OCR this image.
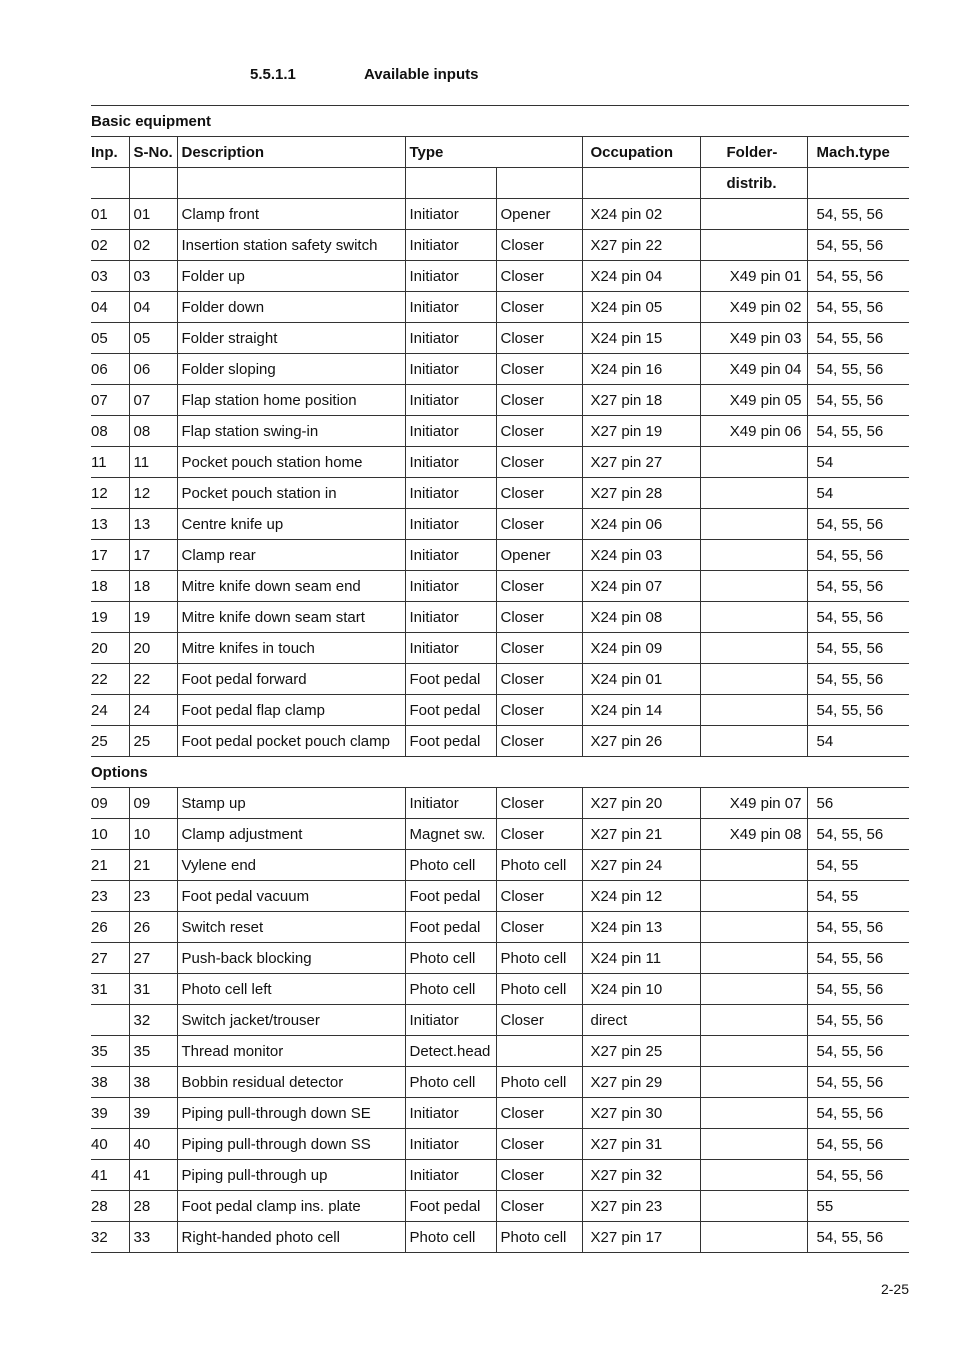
5.5.1.1	Available inputs
Basic equipment							
Inp.	S-No.	Description	Type		Occupation	Folder-	Mach.type
						distrib.	
01	01	Clamp front	Initiator	Opener	X24 pin 02		54, 55, 56
02	02	Insertion station safety switch	Initiator	Closer	X27 pin 22		54, 55, 56
03	03	Folder up	Initiator	Closer	X24 pin 04	X49 pin 01	54, 55, 56
04	04	Folder down	Initiator	Closer	X24 pin 05	X49 pin 02	54, 55, 56
05	05	Folder straight	Initiator	Closer	X24 pin 15	X49 pin 03	54, 55, 56
06	06	Folder sloping	Initiator	Closer	X24 pin 16	X49 pin 04	54, 55, 56
07	07	Flap station home position	Initiator	Closer	X27 pin 18	X49 pin 05	54, 55, 56
08	08	Flap station swing-in	Initiator	Closer	X27 pin 19	X49 pin 06	54, 55, 56
11	11	Pocket pouch station home	Initiator	Closer	X27 pin 27		54
12	12	Pocket pouch station in	Initiator	Closer	X27 pin 28		54
13	13	Centre knife up	Initiator	Closer	X24 pin 06		54, 55, 56
17	17	Clamp rear	Initiator	Opener	X24 pin 03		54, 55, 56
18	18	Mitre knife down seam end	Initiator	Closer	X24 pin 07		54, 55, 56
19	19	Mitre knife down seam start	Initiator	Closer	X24 pin 08		54, 55, 56
20	20	Mitre knifes in touch	Initiator	Closer	X24 pin 09		54, 55, 56
22	22	Foot pedal forward	Foot pedal	Closer	X24 pin 01		54, 55, 56
24	24	Foot pedal flap clamp	Foot pedal	Closer	X24 pin 14		54, 55, 56
25	25	Foot pedal pocket pouch clamp	Foot pedal	Closer	X27 pin 26		54
Options							
09	09	Stamp up	Initiator	Closer	X27 pin 20	X49 pin 07	56
10	10	Clamp adjustment	Magnet sw.	Closer	X27 pin 21	X49 pin 08	54, 55, 56
21	21	Vylene end	Photo cell	Photo cell	X27 pin 24		54, 55
23	23	Foot pedal vacuum	Foot pedal	Closer	X24 pin 12		54, 55
26	26	Switch reset	Foot pedal	Closer	X24 pin 13		54, 55, 56
27	27	Push-back blocking	Photo cell	Photo cell	X24 pin 11		54, 55, 56
31	31	Photo cell left	Photo cell	Photo cell	X24 pin 10		54, 55, 56
	32	Switch jacket/trouser	Initiator	Closer	direct		54, 55, 56
35	35	Thread monitor	Detect.head		X27 pin 25		54, 55, 56
38	38	Bobbin residual detector	Photo cell	Photo cell	X27 pin 29		54, 55, 56
39	39	Piping pull-through down SE	Initiator	Closer	X27 pin 30		54, 55, 56
40	40	Piping pull-through down SS	Initiator	Closer	X27 pin 31		54, 55, 56
41	41	Piping pull-through up	Initiator	Closer	X27 pin 32		54, 55, 56
28	28	Foot pedal clamp ins. plate	Foot pedal	Closer	X27 pin 23		55
32	33	Right-handed photo cell	Photo cell	Photo cell	X27 pin 17		54, 55, 56
2-25
